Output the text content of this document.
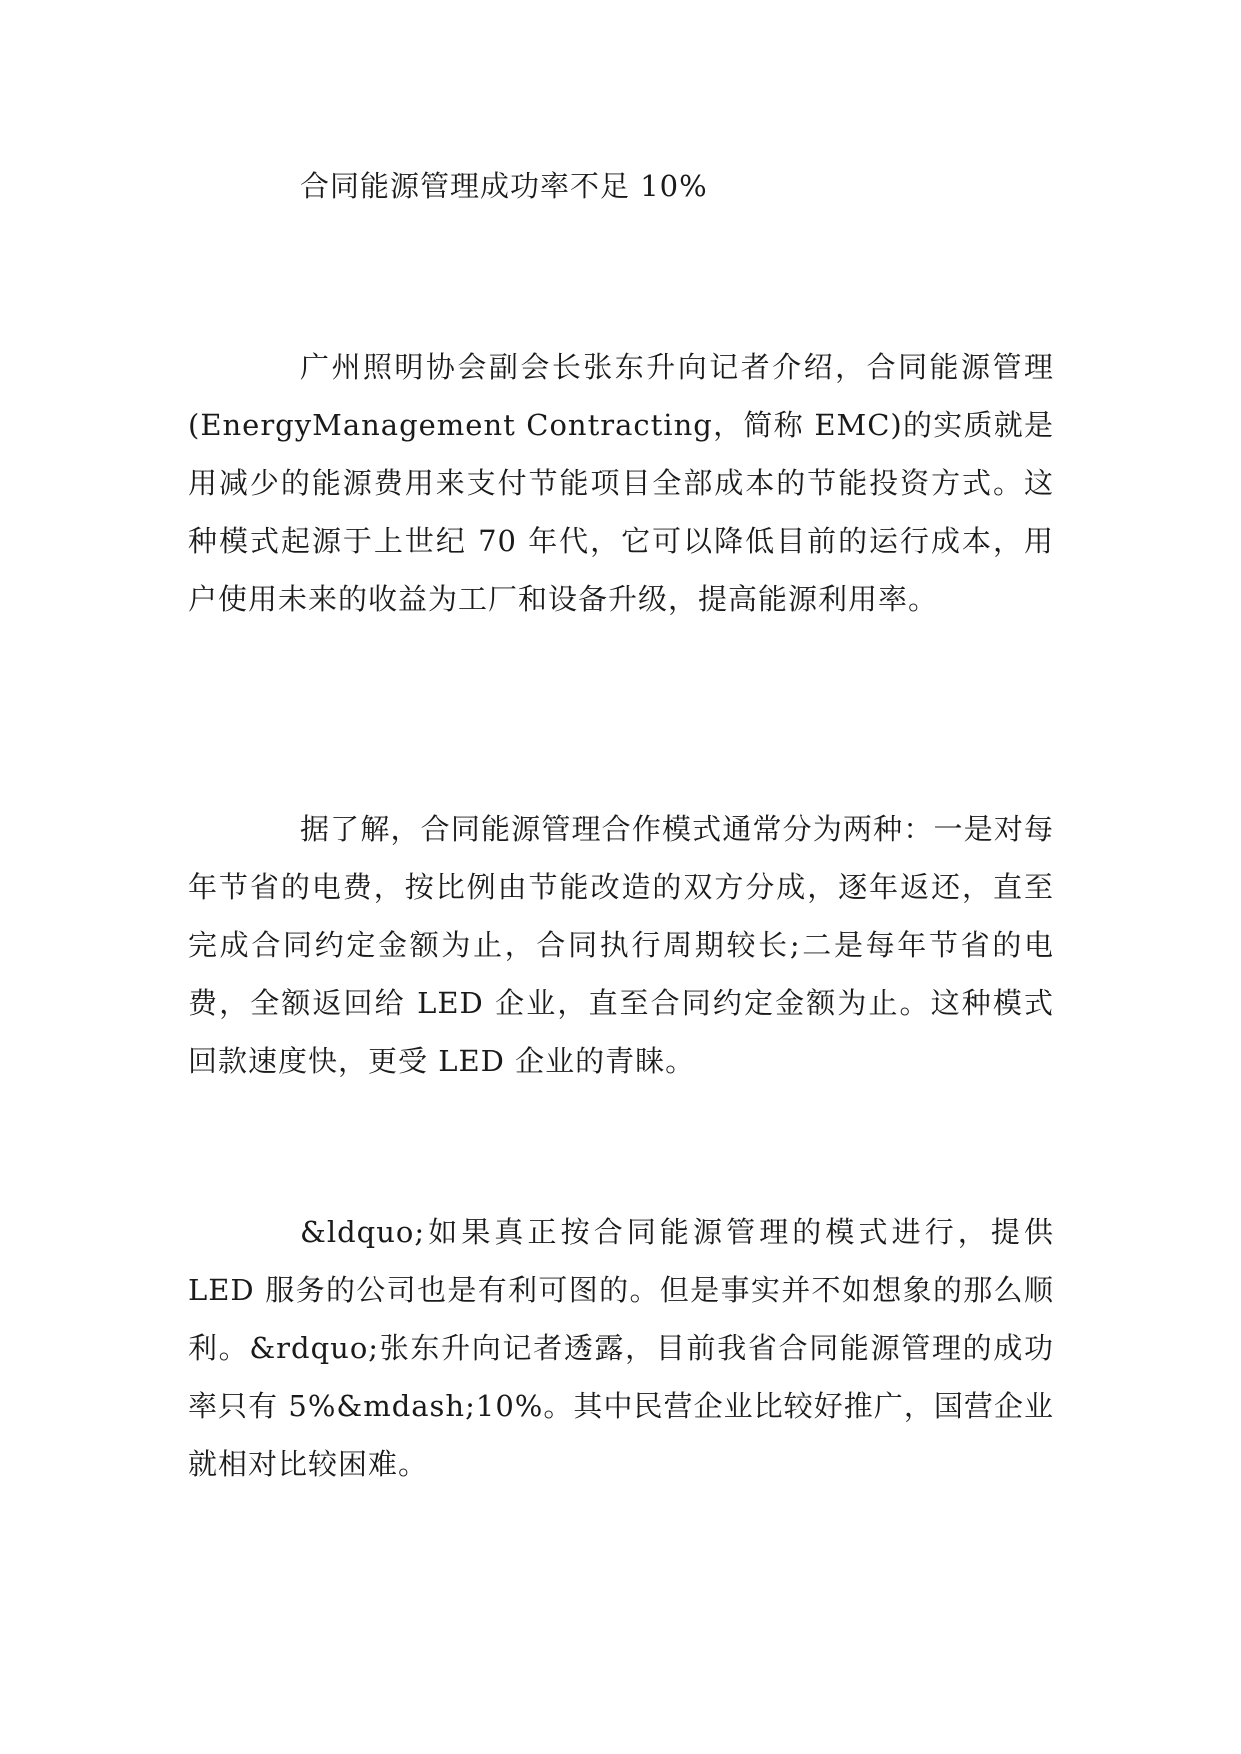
合同能源管理成功率不足 10%

广州照明协会副会长张东升向记者介绍，合同能源管理(EnergyManagement Contracting，简称 EMC)的实质就是用减少的能源费用来支付节能项目全部成本的节能投资方式。这种模式起源于上世纪 70 年代，它可以降低目前的运行成本，用户使用未来的收益为工厂和设备升级，提高能源利用率。

据了解，合同能源管理合作模式通常分为两种：一是对每年节省的电费，按比例由节能改造的双方分成，逐年返还，直至完成合同约定金额为止，合同执行周期较长;二是每年节省的电费，全额返回给 LED 企业，直至合同约定金额为止。这种模式回款速度快，更受 LED 企业的青睐。

&ldquo;如果真正按合同能源管理的模式进行，提供 LED 服务的公司也是有利可图的。但是事实并不如想象的那么顺利。&rdquo;张东升向记者透露，目前我省合同能源管理的成功率只有 5%&mdash;10%。其中民营企业比较好推广，国营企业就相对比较困难。
